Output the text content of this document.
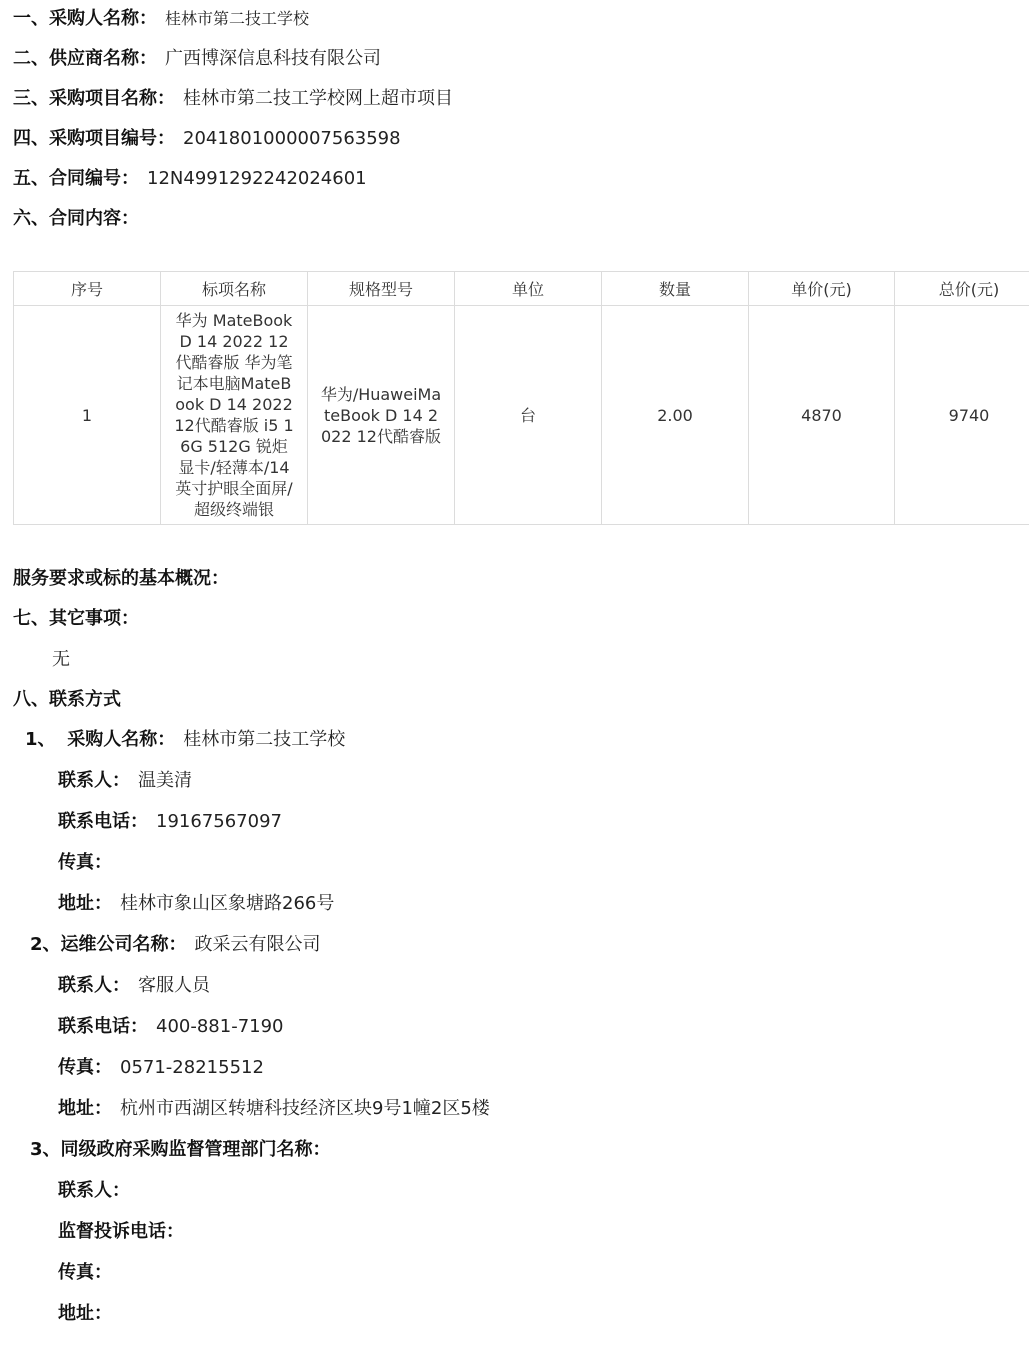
一、采购人名称： 桂林市第二技工学校
二、供应商名称： 广西博深信息科技有限公司
三、采购项目名称： 桂林市第二技工学校网上超市项目
四、采购项目编号： 2041801000007563598
五、合同编号： 12N4991292242024601
六、合同内容：
序号	标项名称	规格型号	单位	数量	单价(元)	总价(元)
1	华为 MateBook D 14 2022 12代酷睿版 华为笔记本电脑MateBook D 14 2022 12代酷睿版 i5 16G 512G 锐炬显卡/轻薄本/14英寸护眼全面屏/超级终端银	华为/HuaweiMateBook D 14 2022 12代酷睿版	台	2.00	4870	9740
服务要求或标的基本概况：
七、其它事项：
无
八、联系方式
1、 采购人名称： 桂林市第二技工学校
联系人： 温美清
联系电话： 19167567097
传真：
地址： 桂林市象山区象塘路266号
2、运维公司名称： 政采云有限公司
联系人： 客服人员
联系电话： 400-881-7190
传真： 0571-28215512
地址： 杭州市西湖区转塘科技经济区块9号1幢2区5楼
3、同级政府采购监督管理部门名称：
联系人：
监督投诉电话：
传真：
地址：
